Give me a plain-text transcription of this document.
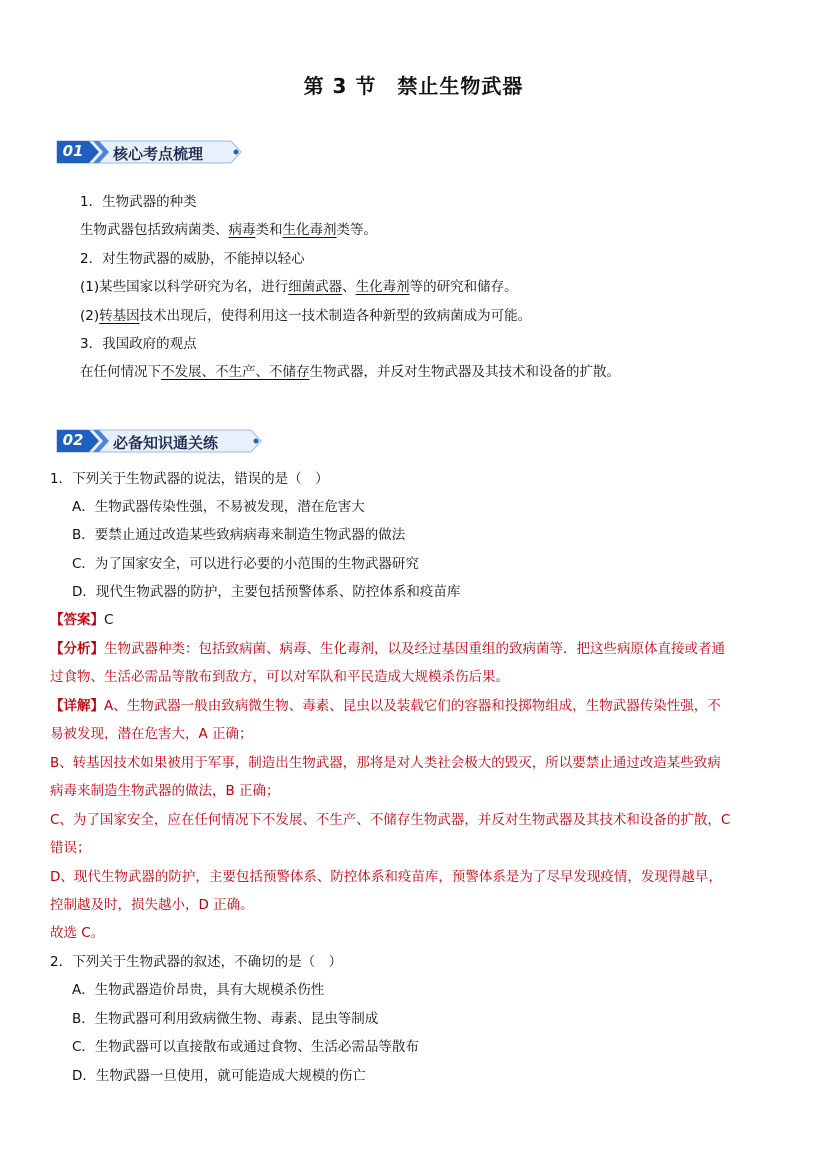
第 3 节　禁止生物武器
01	核心考点梳理
1．生物武器的种类
生物武器包括致病菌类、病毒类和生化毒剂类等。
2．对生物武器的威胁，不能掉以轻心
(1)某些国家以科学研究为名，进行细菌武器、生化毒剂等的研究和储存。
(2)转基因技术出现后，使得利用这一技术制造各种新型的致病菌成为可能。
3．我国政府的观点
在任何情况下不发展、不生产、不储存生物武器，并反对生物武器及其技术和设备的扩散。
02	必备知识通关练
1．下列关于生物武器的说法，错误的是（　）
A．生物武器传染性强，不易被发现，潜在危害大
B．要禁止通过改造某些致病病毒来制造生物武器的做法
C．为了国家安全，可以进行必要的小范围的生物武器研究
D．现代生物武器的防护，主要包括预警体系、防控体系和疫苗库
【答案】C
【分析】生物武器种类：包括致病菌、病毒、生化毒剂，以及经过基因重组的致病菌等．把这些病原体直接或者通
过食物、生活必需品等散布到敌方，可以对军队和平民造成大规模杀伤后果。
【详解】A、生物武器一般由致病微生物、毒素、昆虫以及装载它们的容器和投掷物组成，生物武器传染性强，不
易被发现，潜在危害大，A 正确；
B、转基因技术如果被用于军事，制造出生物武器，那将是对人类社会极大的毁灭，所以要禁止通过改造某些致病
病毒来制造生物武器的做法，B 正确；
C、为了国家安全，应在任何情况下不发展、不生产、不储存生物武器，并反对生物武器及其技术和设备的扩散，C
错误；
D、现代生物武器的防护，主要包括预警体系、防控体系和疫苗库，预警体系是为了尽早发现疫情，发现得越早，
控制越及时，损失越小，D 正确。
故选 C。
2．下列关于生物武器的叙述，不确切的是（　）
A．生物武器造价昂贵，具有大规模杀伤性
B．生物武器可利用致病微生物、毒素、昆虫等制成
C．生物武器可以直接散布或通过食物、生活必需品等散布
D．生物武器一旦使用，就可能造成大规模的伤亡
